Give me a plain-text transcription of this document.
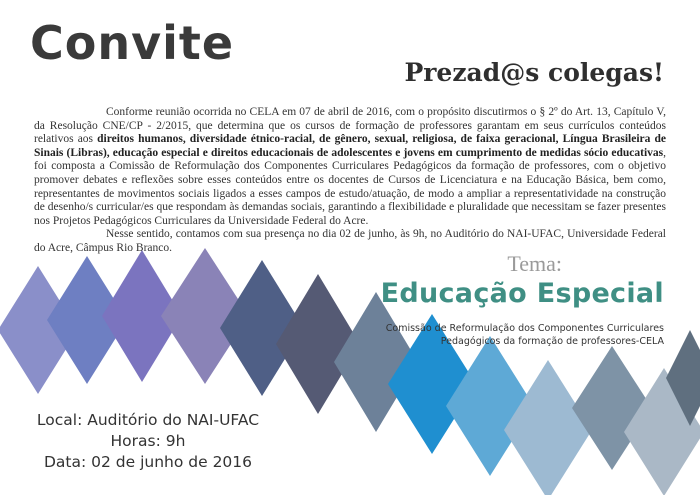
Convite
Prezad@s colegas!

Conforme reunião ocorrida no CELA em 07 de abril de 2016, com o propósito discutirmos o § 2º do Art. 13, Capítulo V, da Resolução CNE/CP - 2/2015, que determina que os cursos de formação de professores garantam em seus currículos conteúdos relativos aos direitos humanos, diversidade étnico-racial, de gênero, sexual, religiosa, de faixa geracional, Língua Brasileira de Sinais (Libras), educação especial e direitos educacionais de adolescentes e jovens em cumprimento de medidas sócio educativas, foi composta a Comissão de Reformulação dos Componentes Curriculares Pedagógicos da formação de professores, com o objetivo promover debates e reflexões sobre esses conteúdos entre os docentes de Cursos de Licenciatura e na Educação Básica, bem como, representantes de movimentos sociais ligados a esses campos de estudo/atuação, de modo a ampliar a representatividade na construção de desenho/s curricular/es que respondam às demandas sociais, garantindo a flexibilidade e pluralidade que necessitam se fazer presentes nos Projetos Pedagógicos Curriculares da Universidade Federal do Acre.

Nesse sentido, contamos com sua presença no dia 02 de junho, às 9h, no Auditório do NAI-UFAC, Universidade Federal do Acre, Câmpus Rio Branco.

Tema:
Educação Especial
Comissão de Reformulação dos Componentes Curriculares
Pedagógicos da formação de professores-CELA
Local: Auditório do NAI-UFAC
Horas: 9h
Data: 02 de junho de 2016
